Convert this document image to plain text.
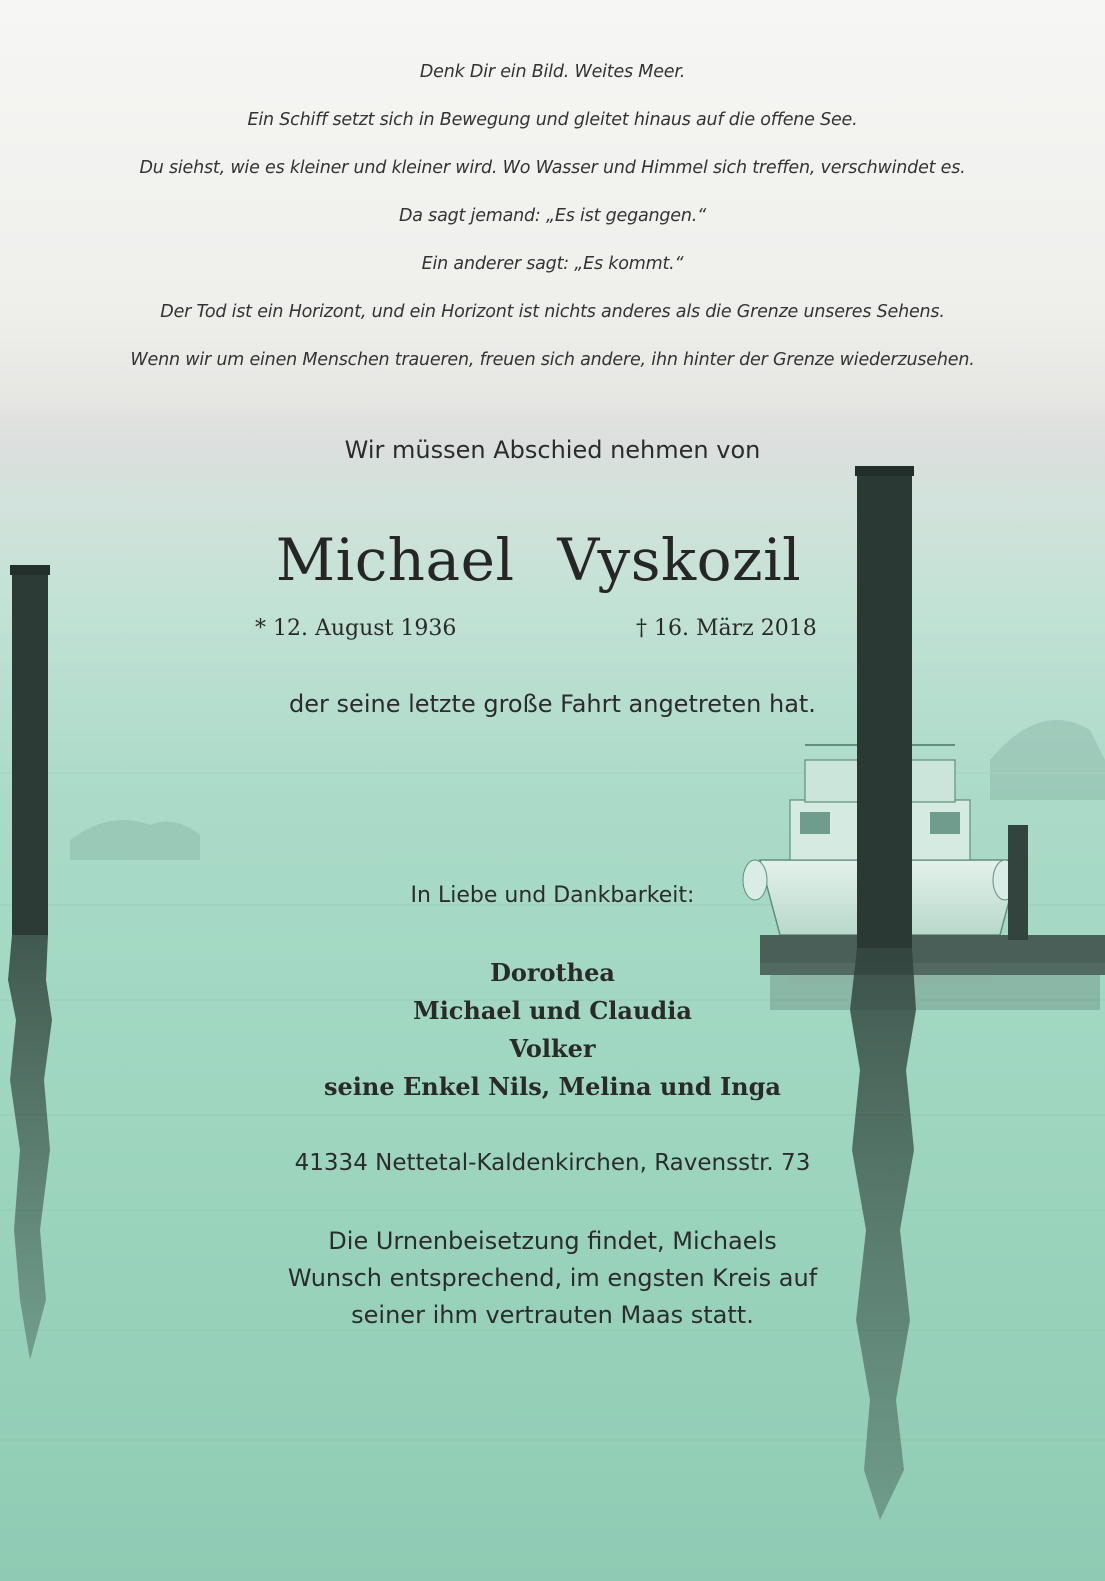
Denk Dir ein Bild. Weites Meer.

Ein Schiff setzt sich in Bewegung und gleitet hinaus auf die offene See.

Du siehst, wie es kleiner und kleiner wird. Wo Wasser und Himmel sich treffen, verschwindet es.

Da sagt jemand: „Es ist gegangen.“

Ein anderer sagt: „Es kommt.“

Der Tod ist ein Horizont, und ein Horizont ist nichts anderes als die Grenze unseres Sehens.

Wenn wir um einen Menschen traueren, freuen sich andere, ihn hinter der Grenze wiederzusehen.

Wir müssen Abschied nehmen von

Michael Vyskozil

* 12. August 1936	† 16. März 2018

der seine letzte große Fahrt angetreten hat.

In Liebe und Dankbarkeit:

Dorothea

Michael und Claudia

Volker

seine Enkel Nils, Melina und Inga

41334 Nettetal-Kaldenkirchen, Ravensstr. 73

Die Urnenbeisetzung findet, Michaels

Wunsch entsprechend, im engsten Kreis auf

seiner ihm vertrauten Maas statt.
